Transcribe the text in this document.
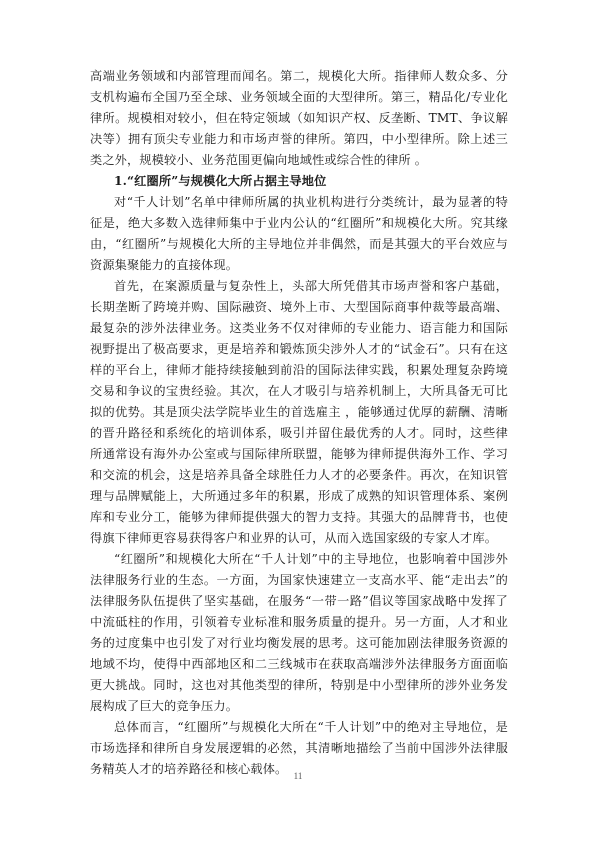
高端业务领域和内部管理而闻名。第二，规模化大所。指律师人数众多、分支机构遍布全国乃至全球、业务领域全面的大型律所。第三，精品化/专业化律所。规模相对较小，但在特定领域（如知识产权、反垄断、TMT、争议解决等）拥有顶尖专业能力和市场声誉的律所。第四，中小型律所。除上述三类之外，规模较小、业务范围更偏向地域性或综合性的律所 。

1.“红圈所”与规模化大所占据主导地位

对“千人计划”名单中律师所属的执业机构进行分类统计，最为显著的特征是，绝大多数入选律师集中于业内公认的“红圈所”和规模化大所。究其缘由，“红圈所”与规模化大所的主导地位并非偶然，而是其强大的平台效应与资源集聚能力的直接体现。

首先，在案源质量与复杂性上，头部大所凭借其市场声誉和客户基础，长期垄断了跨境并购、国际融资、境外上市、大型国际商事仲裁等最高端、最复杂的涉外法律业务。这类业务不仅对律师的专业能力、语言能力和国际视野提出了极高要求，更是培养和锻炼顶尖涉外人才的“试金石”。只有在这样的平台上，律师才能持续接触到前沿的国际法律实践，积累处理复杂跨境交易和争议的宝贵经验。其次，在人才吸引与培养机制上，大所具备无可比拟的优势。其是顶尖法学院毕业生的首选雇主 ，能够通过优厚的薪酬、清晰的晋升路径和系统化的培训体系，吸引并留住最优秀的人才。同时，这些律所通常设有海外办公室或与国际律所联盟，能够为律师提供海外工作、学习和交流的机会，这是培养具备全球胜任力人才的必要条件。再次，在知识管理与品牌赋能上，大所通过多年的积累，形成了成熟的知识管理体系、案例库和专业分工，能够为律师提供强大的智力支持。其强大的品牌背书，也使得旗下律师更容易获得客户和业界的认可，从而入选国家级的专家人才库。

“红圈所”和规模化大所在“千人计划”中的主导地位，也影响着中国涉外法律服务行业的生态。一方面，为国家快速建立一支高水平、能“走出去”的法律服务队伍提供了坚实基础，在服务“一带一路”倡议等国家战略中发挥了中流砥柱的作用，引领着专业标准和服务质量的提升。另一方面，人才和业务的过度集中也引发了对行业均衡发展的思考。这可能加剧法律服务资源的地域不均，使得中西部地区和二三线城市在获取高端涉外法律服务方面面临更大挑战。同时，这也对其他类型的律所，特别是中小型律所的涉外业务发展构成了巨大的竞争压力。

总体而言，“红圈所”与规模化大所在“千人计划”中的绝对主导地位，是市场选择和律所自身发展逻辑的必然，其清晰地描绘了当前中国涉外法律服务精英人才的培养路径和核心载体。 11
